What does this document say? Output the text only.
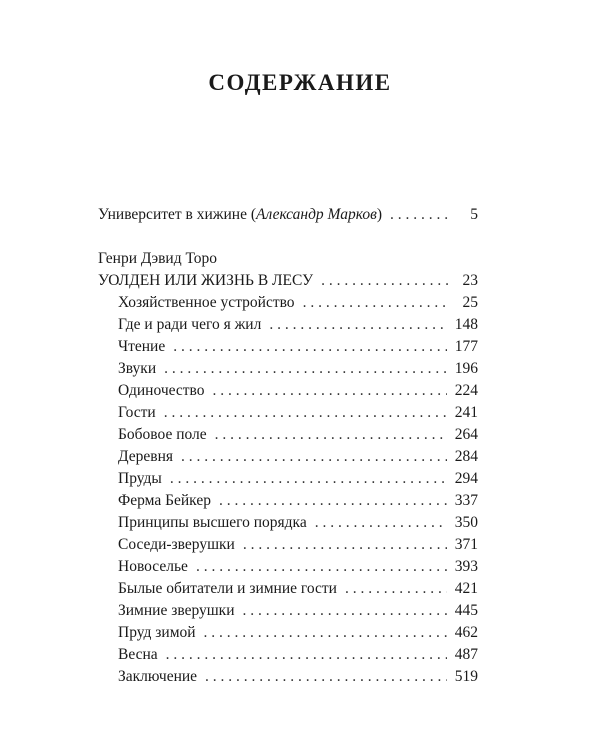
СОДЕРЖАНИЕ
Университет в хижине (Александр Марков) . . .	5
Генри Дэвид Торо
УОЛДЕН ИЛИ ЖИЗНЬ В ЛЕСУ . . .	23
Хозяйственное устройство . . .	25
Где и ради чего я жил . . .	148
Чтение . . .	177
Звуки . . .	196
Одиночество . . .	224
Гости . . .	241
Бобовое поле . . .	264
Деревня . . .	284
Пруды . . .	294
Ферма Бейкер . . .	337
Принципы высшего порядка . . .	350
Соседи-зверушки . . .	371
Новоселье . . .	393
Былые обитатели и зимние гости . . .	421
Зимние зверушки . . .	445
Пруд зимой . . .	462
Весна . . .	487
Заключение . . .	519
